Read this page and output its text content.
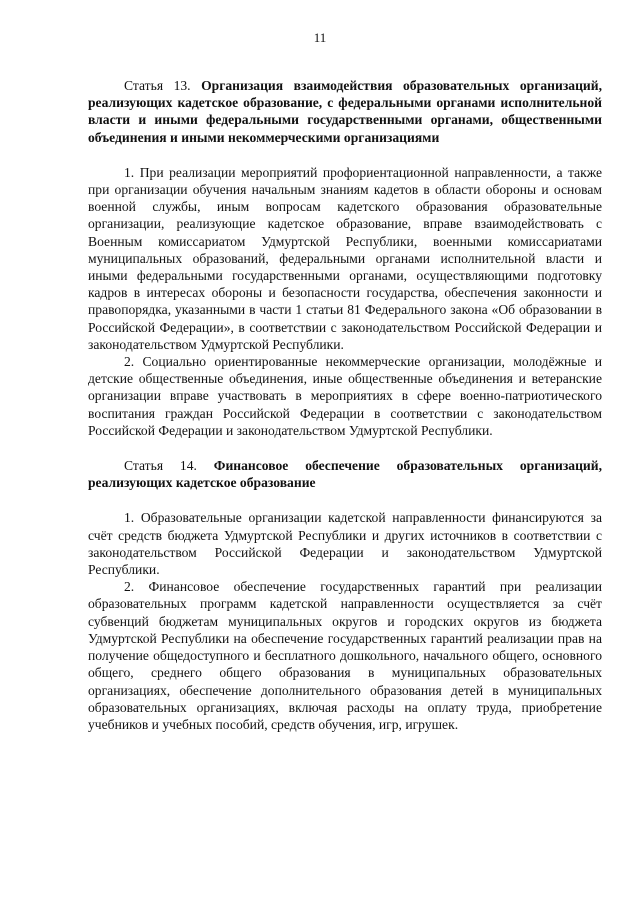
11

Статья 13. Организация взаимодействия образовательных организаций, реализующих кадетское образование, с федеральными органами исполнительной власти и иными федеральными государственными органами, общественными объединения и иными некоммерческими организациями

1. При реализации мероприятий профориентационной направленности, а также при организации обучения начальным знаниям кадетов в области обороны и основам военной службы, иным вопросам кадетского образования образовательные организации, реализующие кадетское образование, вправе взаимодействовать с Военным комиссариатом Удмуртской Республики, военными комиссариатами муниципальных образований, федеральными органами исполнительной власти и иными федеральными государственными органами, осуществляющими подготовку кадров в интересах обороны и безопасности государства, обеспечения законности и правопорядка, указанными в части 1 статьи 81 Федерального закона «Об образовании в Российской Федерации», в соответствии с законодательством Российской Федерации и законодательством Удмуртской Республики.

2. Социально ориентированные некоммерческие организации, молодёжные и детские общественные объединения, иные общественные объединения и ветеранские организации вправе участвовать в мероприятиях в сфере военно-патриотического воспитания граждан Российской Федерации в соответствии с законодательством Российской Федерации и законодательством Удмуртской Республики.

Статья 14. Финансовое обеспечение образовательных организаций, реализующих кадетское образование

1. Образовательные организации кадетской направленности финансируются за счёт средств бюджета Удмуртской Республики и других источников в соответствии с законодательством Российской Федерации и законодательством Удмуртской Республики.

2. Финансовое обеспечение государственных гарантий при реализации образовательных программ кадетской направленности осуществляется за счёт субвенций бюджетам муниципальных округов и городских округов из бюджета Удмуртской Республики на обеспечение государственных гарантий реализации прав на получение общедоступного и бесплатного дошкольного, начального общего, основного общего, среднего общего образования в муниципальных образовательных организациях, обеспечение дополнительного образования детей в муниципальных образовательных организациях, включая расходы на оплату труда, приобретение учебников и учебных пособий, средств обучения, игр, игрушек.
